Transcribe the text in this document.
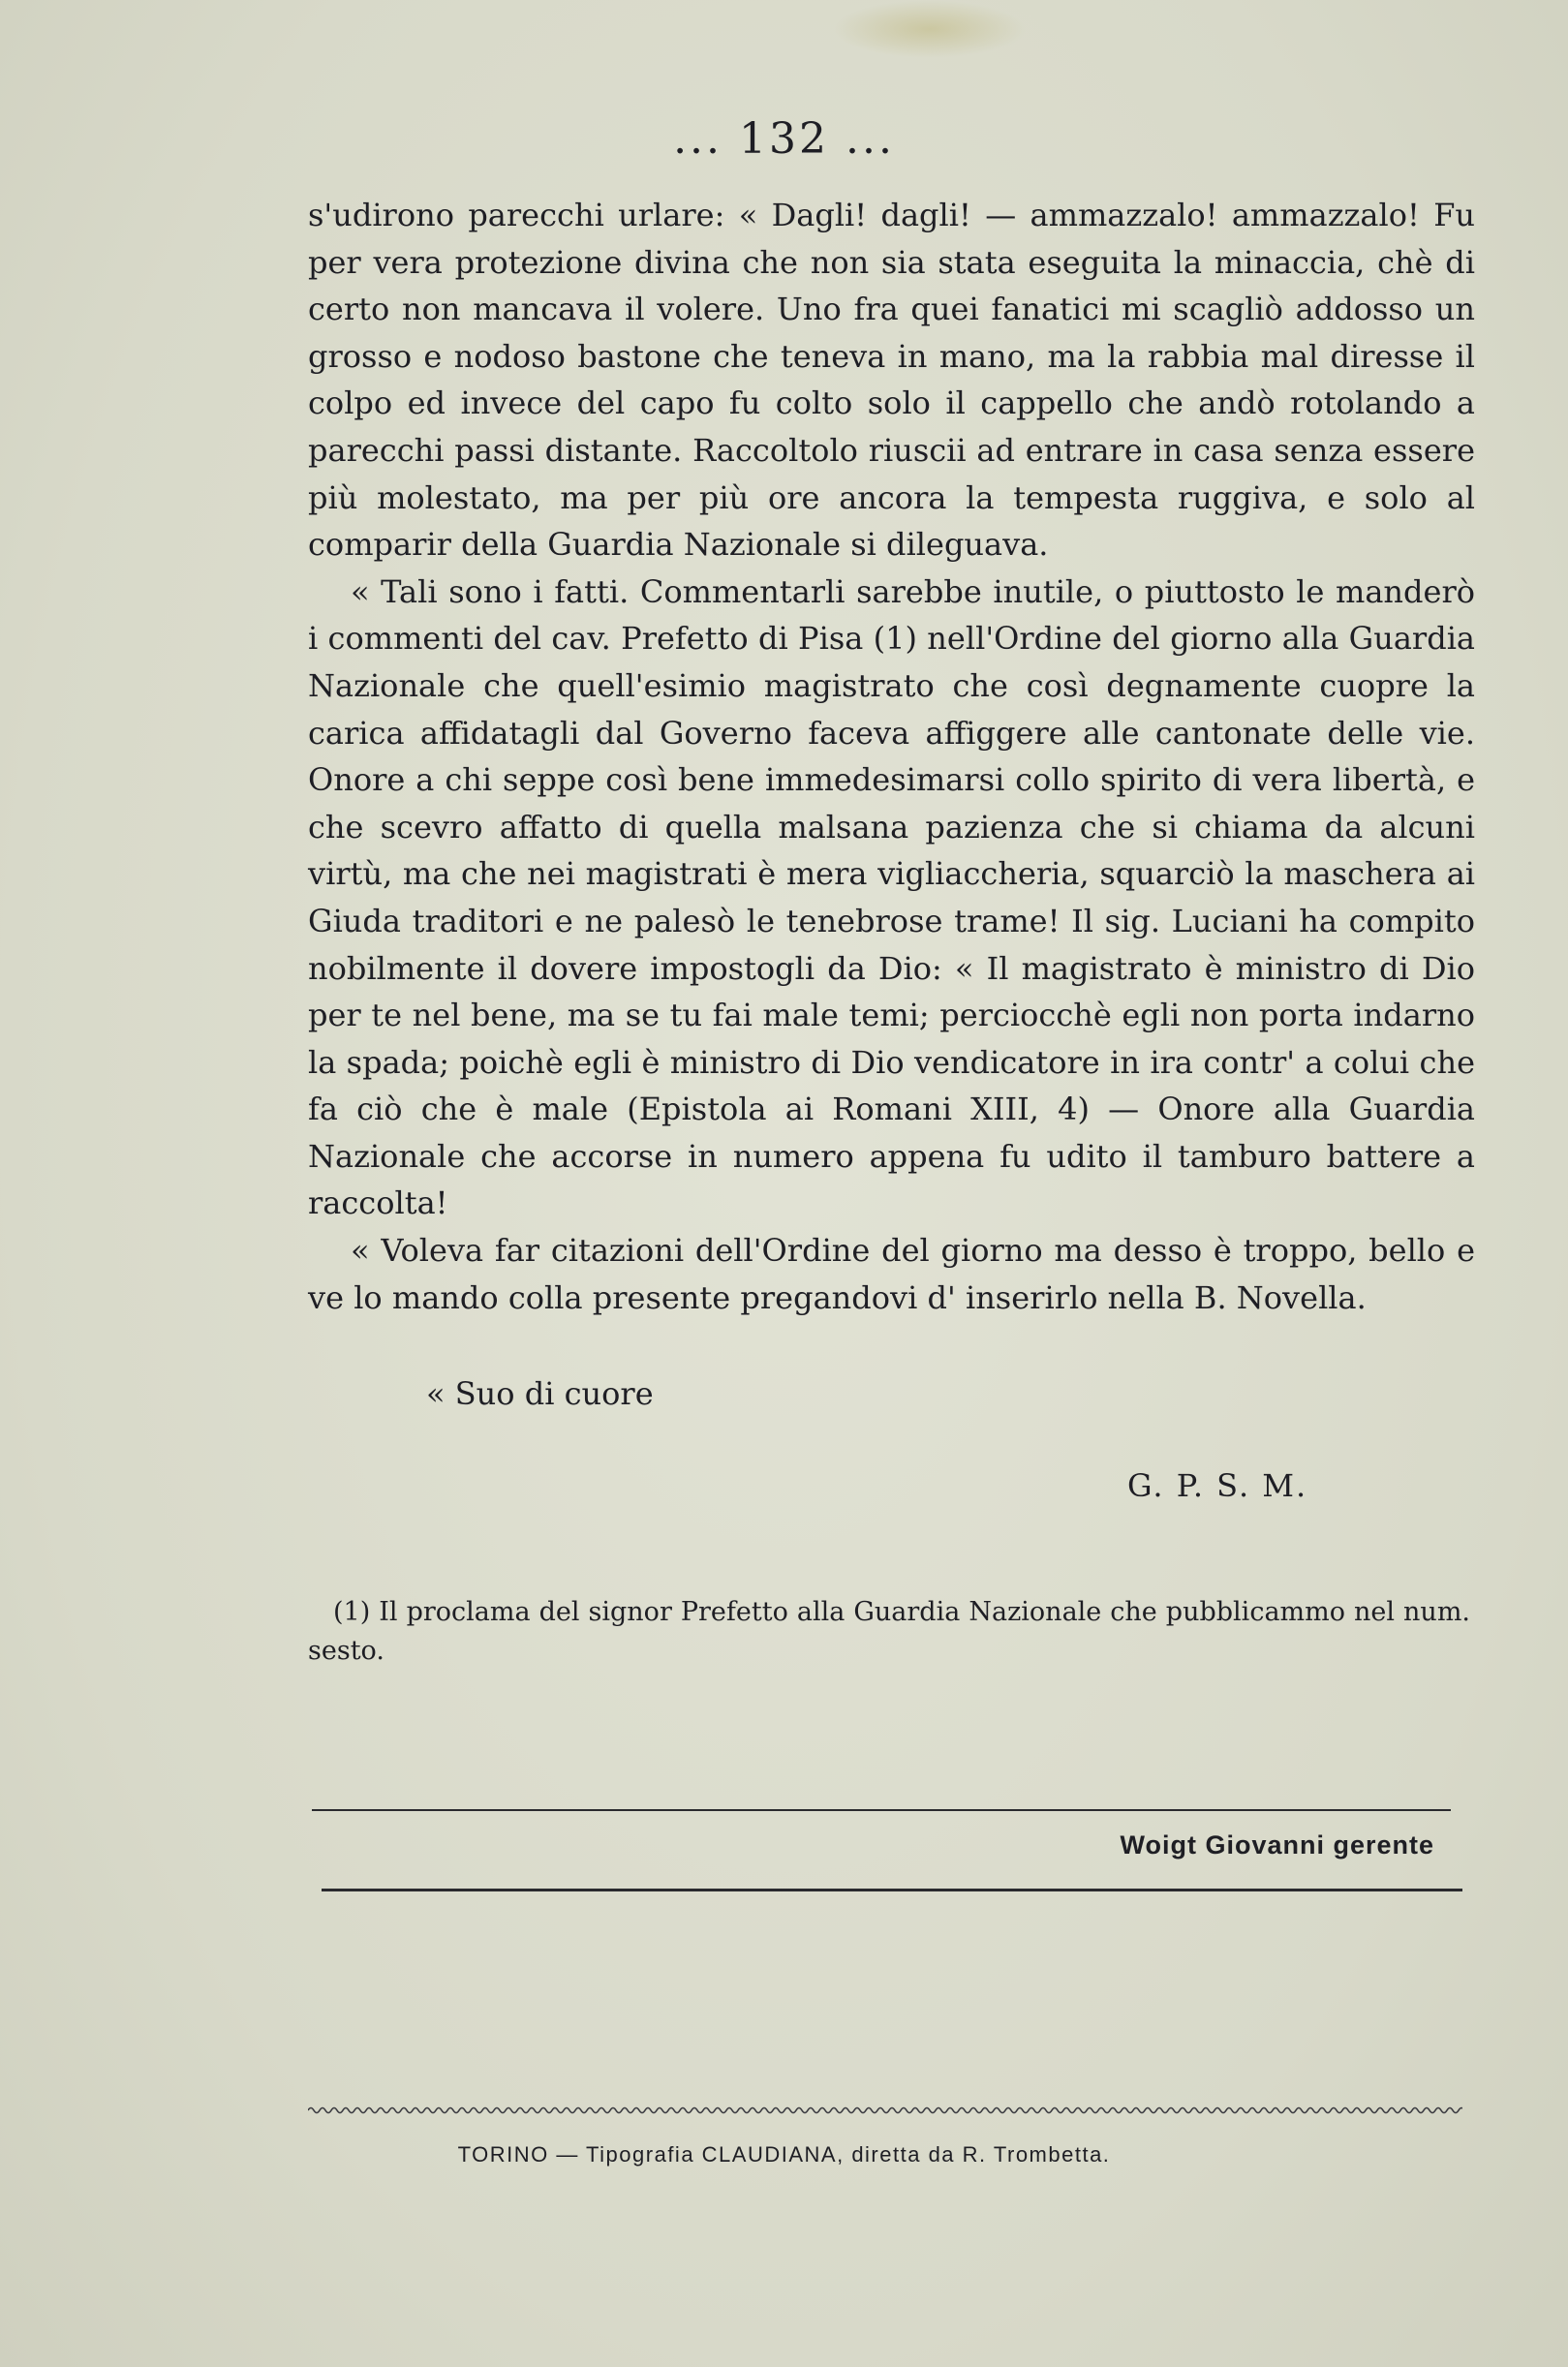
... 132 ...

s'udirono parecchi urlare: « Dagli! dagli! — ammazzalo! ammazzalo! Fu per vera protezione divina che non sia stata eseguita la minaccia, chè di certo non mancava il volere. Uno fra quei fanatici mi scagliò addosso un grosso e nodoso bastone che teneva in mano, ma la rabbia mal diresse il colpo ed invece del capo fu colto solo il cappello che andò rotolando a parecchi passi distante. Raccoltolo riuscii ad entrare in casa senza essere più molestato, ma per più ore ancora la tempesta ruggiva, e solo al comparir della Guardia Nazionale si dileguava.

« Tali sono i fatti. Commentarli sarebbe inutile, o piuttosto le manderò i commenti del cav. Prefetto di Pisa (1) nell'Ordine del giorno alla Guardia Nazionale che quell'esimio magistrato che così degnamente cuopre la carica affidatagli dal Governo faceva affiggere alle cantonate delle vie. Onore a chi seppe così bene immedesimarsi collo spirito di vera libertà, e che scevro affatto di quella malsana pazienza che si chiama da alcuni virtù, ma che nei magistrati è mera vigliaccheria, squarciò la maschera ai Giuda traditori e ne palesò le tenebrose trame! Il sig. Luciani ha compito nobilmente il dovere impostogli da Dio: « Il magistrato è ministro di Dio per te nel bene, ma se tu fai male temi; perciocchè egli non porta indarno la spada; poichè egli è ministro di Dio vendicatore in ira contr' a colui che fa ciò che è male (Epistola ai Romani XIII, 4) — Onore alla Guardia Nazionale che accorse in numero appena fu udito il tamburo battere a raccolta!

« Voleva far citazioni dell'Ordine del giorno ma desso è troppo, bello e ve lo mando colla presente pregandovi d' inserirlo nella B. Novella.

« Suo di cuore
G. P. S. M.
(1) Il proclama del signor Prefetto alla Guardia Nazionale che pubblicammo nel num. sesto.
Woigt Giovanni gerente
TORINO — Tipografia CLAUDIANA, diretta da R. Trombetta.
